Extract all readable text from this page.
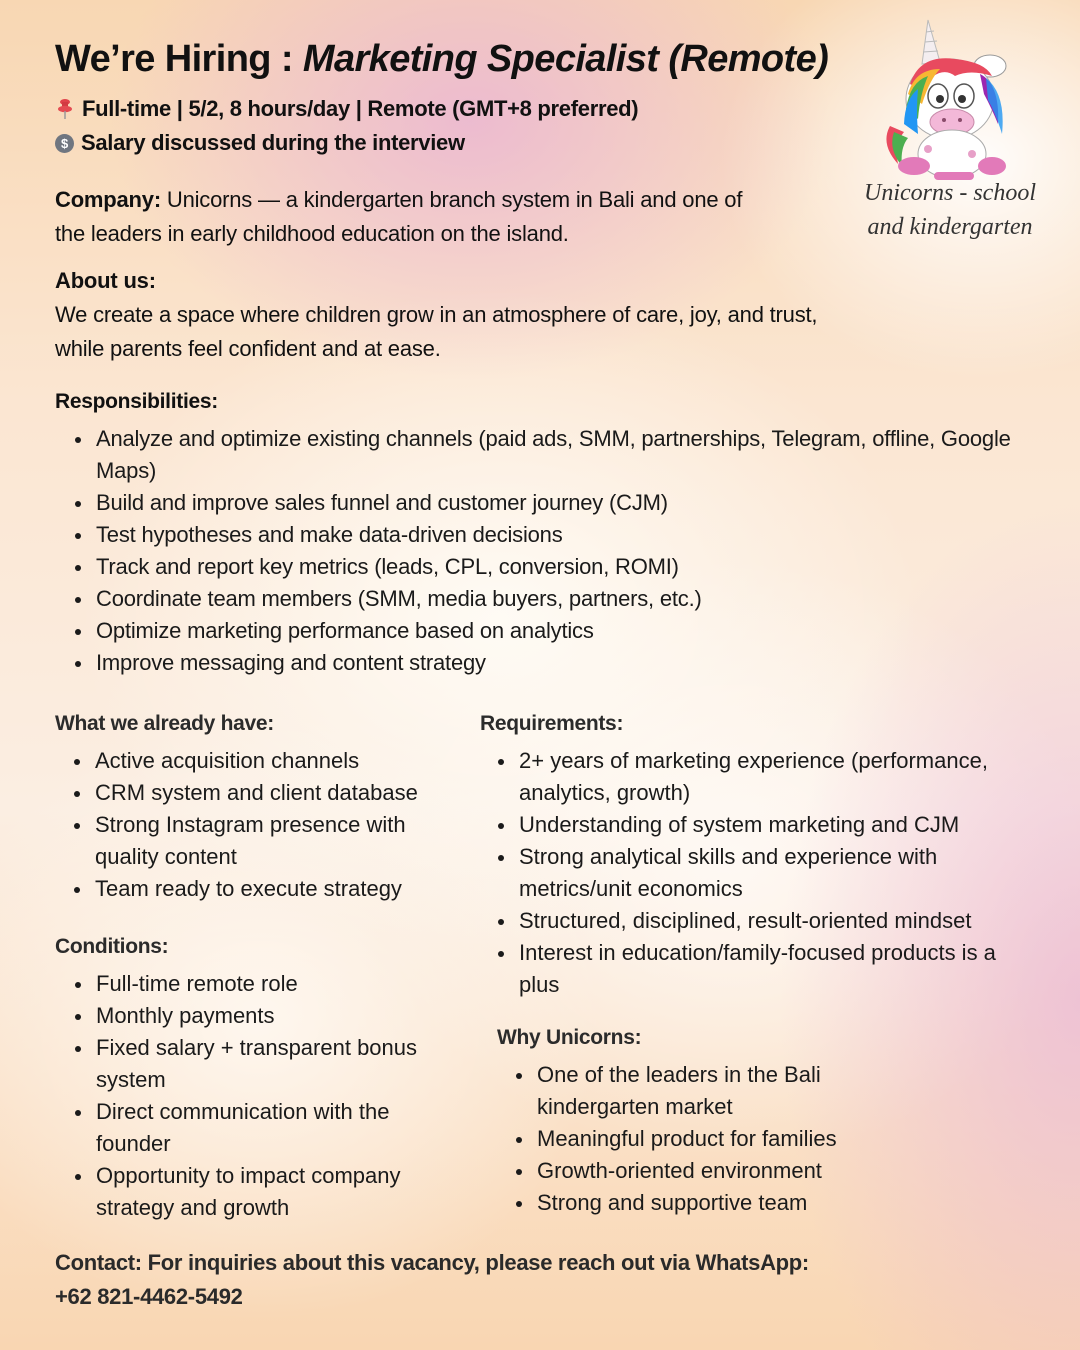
We’re Hiring : Marketing Specialist (Remote)
Full-time | 5/2, 8 hours/day | Remote (GMT+8 preferred)
$ Salary discussed during the interview
Unicorns - school
and kindergarten
Company: Unicorns — a kindergarten branch system in Bali and one of the leaders in early childhood education on the island.
About us:
We create a space where children grow in an atmosphere of care, joy, and trust, while parents feel confident and at ease.
Responsibilities:
Analyze and optimize existing channels (paid ads, SMM, partnerships, Telegram, offline, Google Maps)
Build and improve sales funnel and customer journey (CJM)
Test hypotheses and make data-driven decisions
Track and report key metrics (leads, CPL, conversion, ROMI)
Coordinate team members (SMM, media buyers, partners, etc.)
Optimize marketing performance based on analytics
Improve messaging and content strategy
What we already have:
Active acquisition channels
CRM system and client database
Strong Instagram presence with quality content
Team ready to execute strategy
Conditions:
Full-time remote role
Monthly payments
Fixed salary + transparent bonus system
Direct communication with the founder
Opportunity to impact company strategy and growth
Requirements:
2+ years of marketing experience (performance, analytics, growth)
Understanding of system marketing and CJM
Strong analytical skills and experience with metrics/unit economics
Structured, disciplined, result-oriented mindset
Interest in education/family-focused products is a plus
Why Unicorns:
One of the leaders in the Bali kindergarten market
Meaningful product for families
Growth-oriented environment
Strong and supportive team
Contact: For inquiries about this vacancy, please reach out via WhatsApp: +62 821-4462-5492
